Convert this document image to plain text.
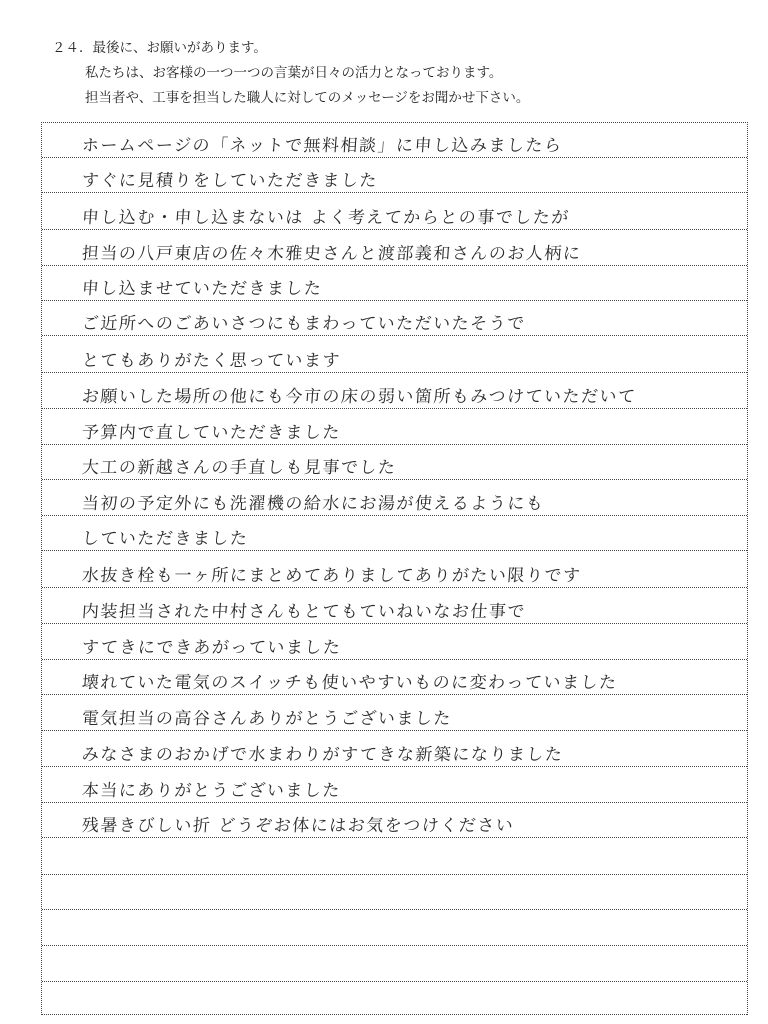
２４．最後に、お願いがあります。

私たちは、お客様の一つ一つの言葉が日々の活力となっております。

担当者や、工事を担当した職人に対してのメッセージをお聞かせ下さい。

ホームページの「ネットで無料相談」に申し込みましたら
すぐに見積りをしていただきました
申し込む・申し込まないは よく考えてからとの事でしたが
担当の八戸東店の佐々木雅史さんと渡部義和さんのお人柄に
申し込ませていただきました
ご近所へのごあいさつにもまわっていただいたそうで
とてもありがたく思っています
お願いした場所の他にも今市の床の弱い箇所もみつけていただいて
予算内で直していただきました
大工の新越さんの手直しも見事でした
当初の予定外にも洗濯機の給水にお湯が使えるようにも
していただきました
水抜き栓も一ヶ所にまとめてありましてありがたい限りです
内装担当された中村さんもとてもていねいなお仕事で
すてきにできあがっていました
壊れていた電気のスイッチも使いやすいものに変わっていました
電気担当の高谷さんありがとうございました
みなさまのおかげで水まわりがすてきな新築になりました
本当にありがとうございました
残暑きびしい折 どうぞお体にはお気をつけください
